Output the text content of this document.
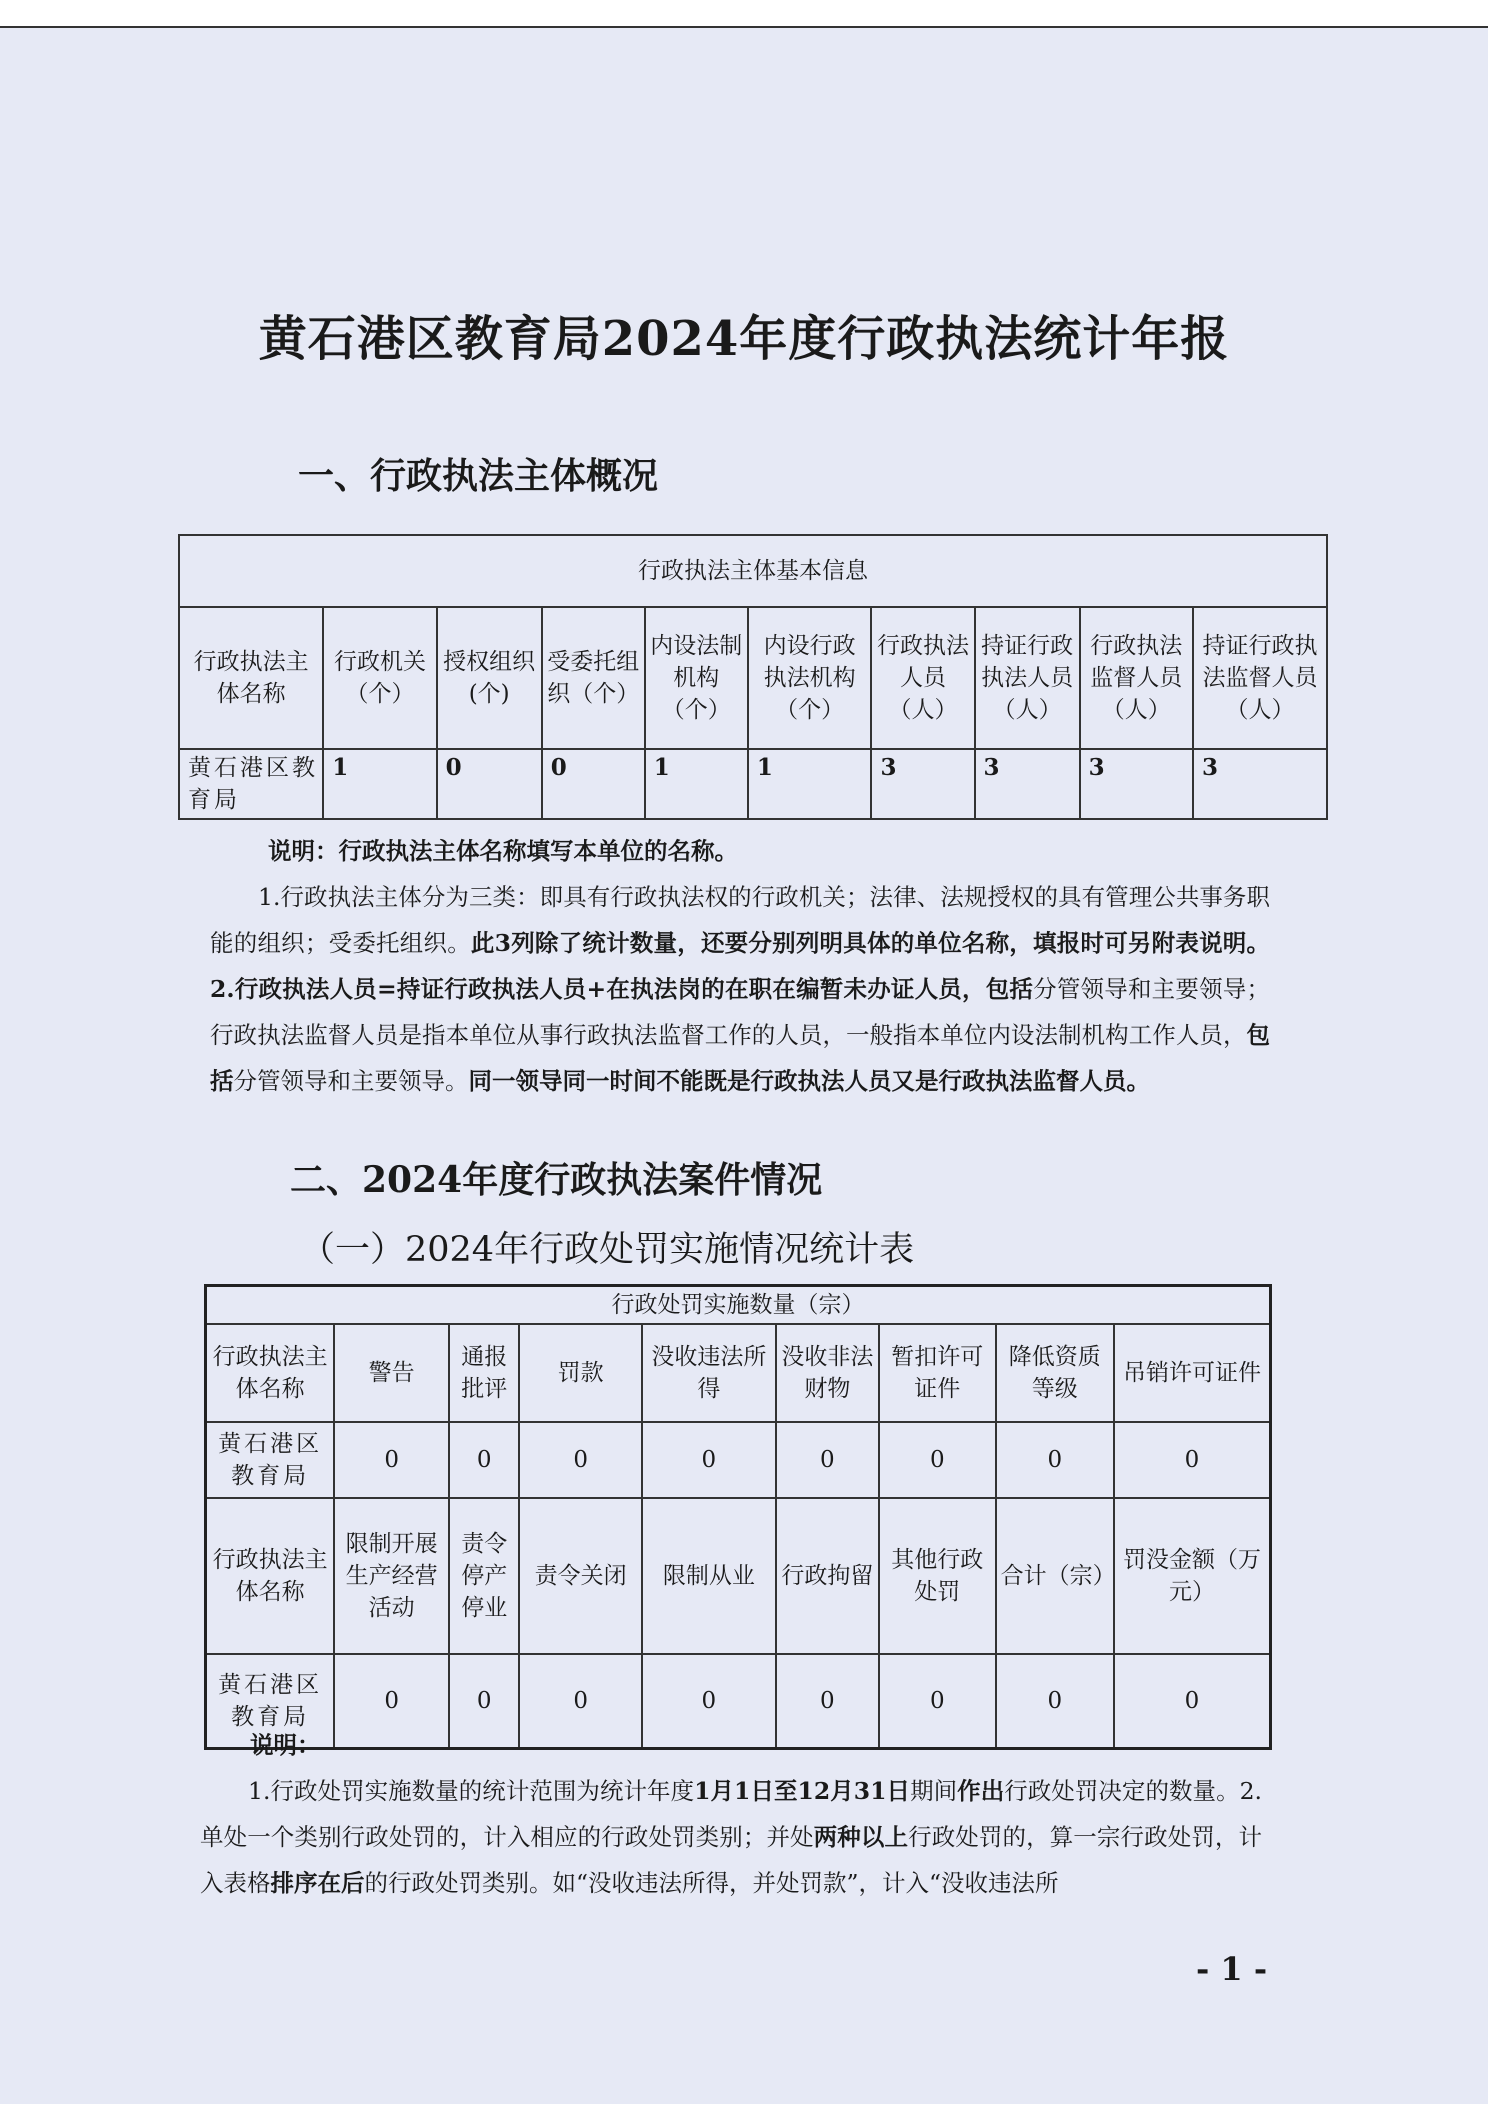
黄石港区教育局2024年度行政执法统计年报
一、行政执法主体概况
行政执法主体基本信息									
行政执法主体名称	行政机关（个）	授权组织(个)	受委托组织（个）	内设法制机构（个）	内设行政执法机构（个）	行政执法人员（人）	持证行政执法人员（人）	行政执法监督人员（人）	持证行政执法监督人员（人）
黄石港区教育局	1	0	0	1	1	3	3	3	3
说明：行政执法主体名称填写本单位的名称。
1.行政执法主体分为三类：即具有行政执法权的行政机关；法律、法规授权的具有管理公共事务职能的组织；受委托组织。此3列除了统计数量，还要分别列明具体的单位名称，填报时可另附表说明。2.行政执法人员=持证行政执法人员+在执法岗的在职在编暂未办证人员，包括分管领导和主要领导；行政执法监督人员是指本单位从事行政执法监督工作的人员，一般指本单位内设法制机构工作人员，包括分管领导和主要领导。同一领导同一时间不能既是行政执法人员又是行政执法监督人员。
二、2024年度行政执法案件情况
（一）2024年行政处罚实施情况统计表
行政处罚实施数量（宗）								
行政执法主体名称	警告	通报批评	罚款	没收违法所得	没收非法财物	暂扣许可证件	降低资质等级	吊销许可证件
黄石港区教育局	0	0	0	0	0	0	0	0
行政执法主体名称	限制开展生产经营活动	责令停产停业	责令关闭	限制从业	行政拘留	其他行政处罚	合计（宗）	罚没金额（万元）
黄石港区教育局	0	0	0	0	0	0	0	0
说明：
1.行政处罚实施数量的统计范围为统计年度1月1日至12月31日期间作出行政处罚决定的数量。2.单处一个类别行政处罚的，计入相应的行政处罚类别；并处两种以上行政处罚的，算一宗行政处罚，计入表格排序在后的行政处罚类别。如“没收违法所得，并处罚款”，计入“没收违法所
- 1 -
